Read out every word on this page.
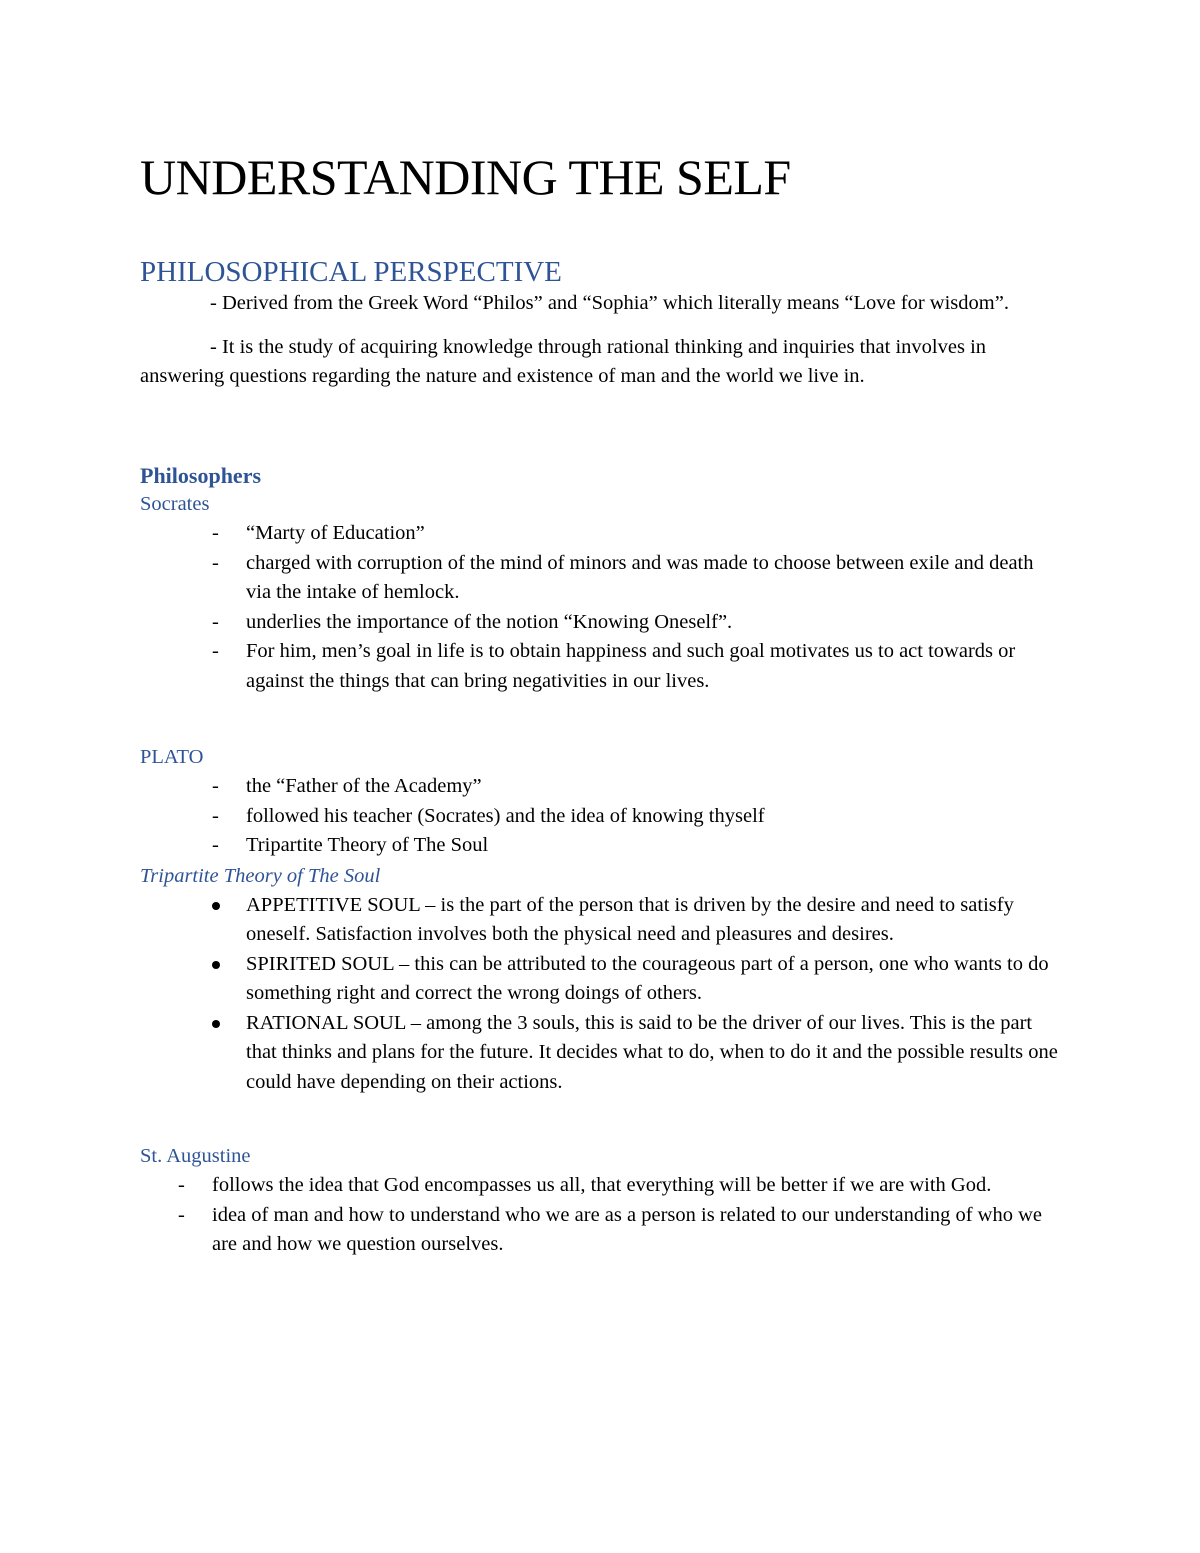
UNDERSTANDING THE SELF
PHILOSOPHICAL PERSPECTIVE

- Derived from the Greek Word “Philos” and “Sophia” which literally means “Love for wisdom”.

- It is the study of acquiring knowledge through rational thinking and inquiries that involves in answering questions regarding the nature and existence of man and the world we live in.

Philosophers
Socrates
- “Marty of Education”
- charged with corruption of the mind of minors and was made to choose between exile and death via the intake of hemlock.
- underlies the importance of the notion “Knowing Oneself”.
- For him, men’s goal in life is to obtain happiness and such goal motivates us to act towards or against the things that can bring negativities in our lives.
PLATO
- the “Father of the Academy”
- followed his teacher (Socrates) and the idea of knowing thyself
- Tripartite Theory of The Soul
Tripartite Theory of The Soul
APPETITIVE SOUL – is the part of the person that is driven by the desire and need to satisfy oneself. Satisfaction involves both the physical need and pleasures and desires.
SPIRITED SOUL – this can be attributed to the courageous part of a person, one who wants to do something right and correct the wrong doings of others.
RATIONAL SOUL – among the 3 souls, this is said to be the driver of our lives. This is the part that thinks and plans for the future. It decides what to do, when to do it and the possible results one could have depending on their actions.
St. Augustine
- follows the idea that God encompasses us all, that everything will be better if we are with God.
- idea of man and how to understand who we are as a person is related to our understanding of who we are and how we question ourselves.
